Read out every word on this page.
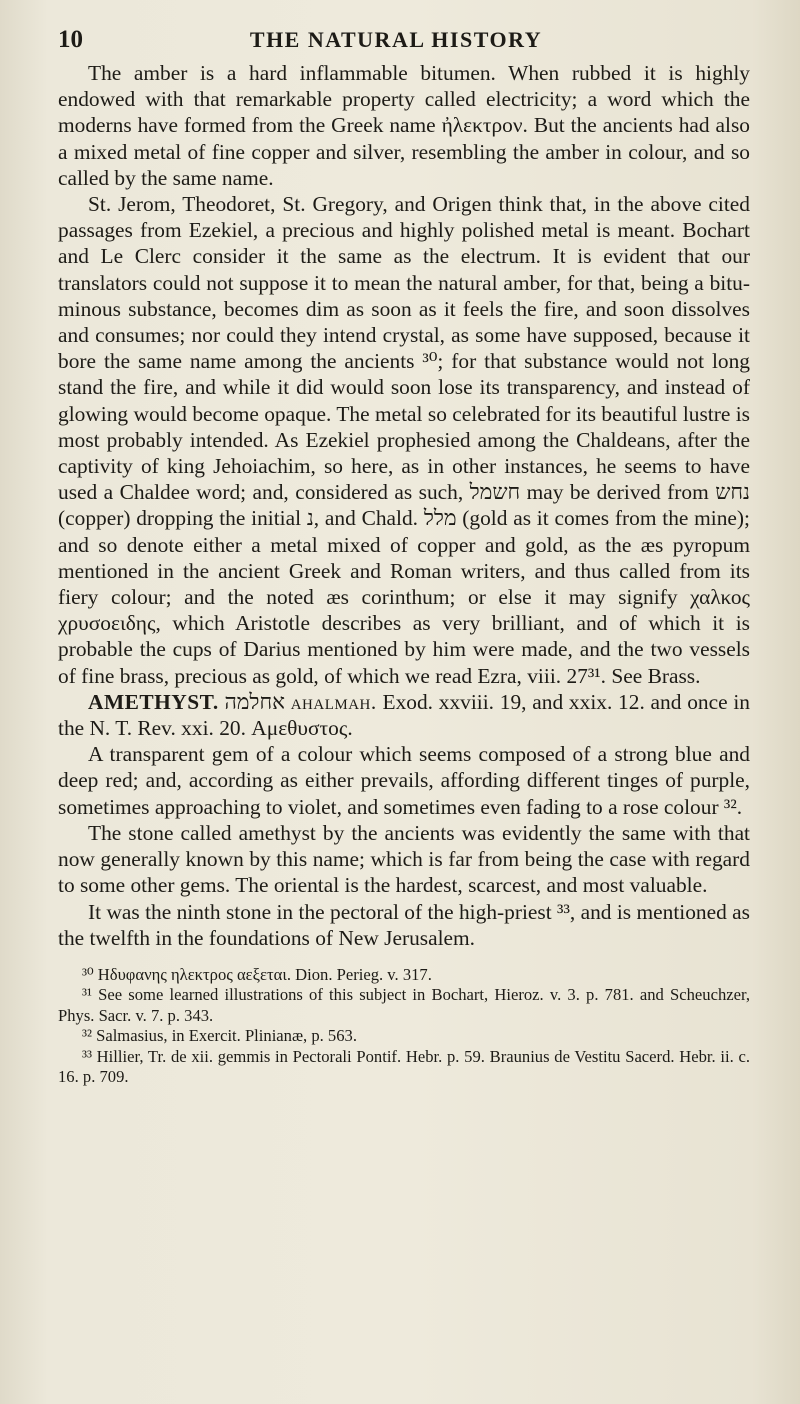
10	THE NATURAL HISTORY

The amber is a hard inflammable bitumen. When rubbed it is highly endowed with that remarkable property called electricity; a word which the moderns have formed from the Greek name ἠλεκτρον. But the ancients had also a mixed metal of fine copper and silver, resembling the amber in colour, and so called by the same name.

St. Jerom, Theodoret, St. Gregory, and Origen think that, in the above cited passages from Ezekiel, a precious and highly polished metal is meant. Bochart and Le Clerc consider it the same as the electrum. It is evident that our translators could not suppose it to mean the natural amber, for that, being a bitu-minous substance, becomes dim as soon as it feels the fire, and soon dissolves and consumes; nor could they intend crystal, as some have supposed, because it bore the same name among the ancients ³⁰; for that substance would not long stand the fire, and while it did would soon lose its transparency, and instead of glowing would become opaque. The metal so celebrated for its beautiful lustre is most probably intended. As Ezekiel prophesied among the Chaldeans, after the captivity of king Jehoiachim, so here, as in other instances, he seems to have used a Chaldee word; and, considered as such, חשמל may be derived from נחש (copper) dropping the initial נ, and Chald. מלל (gold as it comes from the mine); and so denote either a metal mixed of copper and gold, as the æs pyropum mentioned in the ancient Greek and Roman writers, and thus called from its fiery colour; and the noted æs corinthum; or else it may signify χαλκος χρυσοειδης, which Aristotle describes as very brilliant, and of which it is probable the cups of Darius mentioned by him were made, and the two vessels of fine brass, precious as gold, of which we read Ezra, viii. 27³¹. See Brass.

AMETHYST. אחלמה ahalmah. Exod. xxviii. 19, and xxix. 12. and once in the N. T. Rev. xxi. 20. Αμεθυστος.

A transparent gem of a colour which seems composed of a strong blue and deep red; and, according as either prevails, affording different tinges of purple, sometimes approaching to violet, and sometimes even fading to a rose colour ³².

The stone called amethyst by the ancients was evidently the same with that now generally known by this name; which is far from being the case with regard to some other gems. The oriental is the hardest, scarcest, and most valuable.

It was the ninth stone in the pectoral of the high-priest ³³, and is mentioned as the twelfth in the foundations of New Jerusalem.

³⁰ Ηδυφανης ηλεκτρος αεξεται. Dion. Perieg. v. 317.

³¹ See some learned illustrations of this subject in Bochart, Hieroz. v. 3. p. 781. and Scheuchzer, Phys. Sacr. v. 7. p. 343.

³² Salmasius, in Exercit. Plinianæ, p. 563.

³³ Hillier, Tr. de xii. gemmis in Pectorali Pontif. Hebr. p. 59. Braunius de Vestitu Sacerd. Hebr. ii. c. 16. p. 709.
